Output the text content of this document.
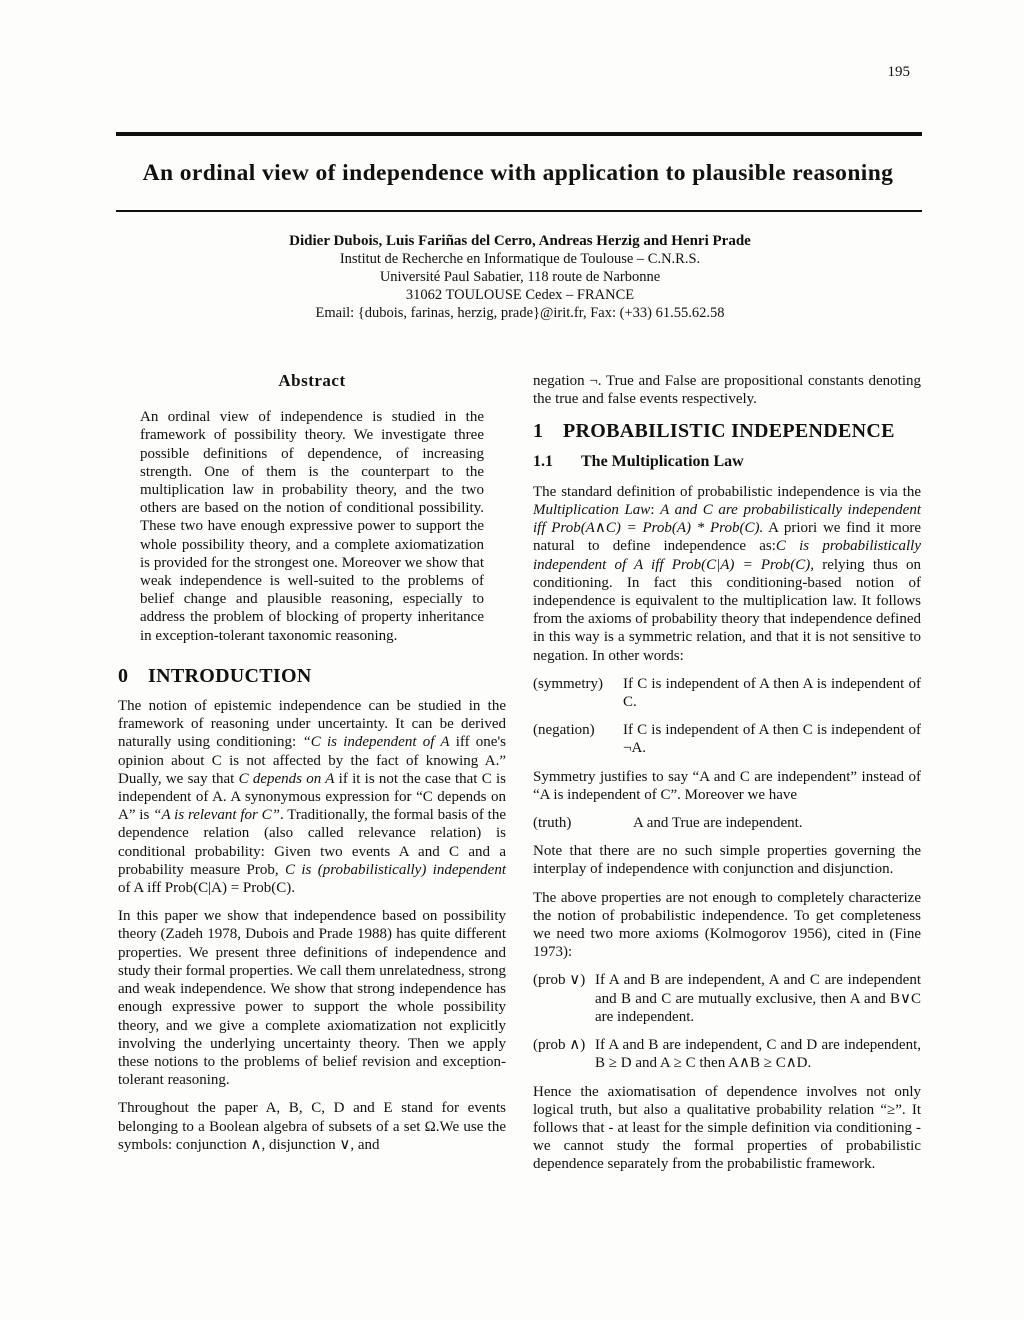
195
An ordinal view of independence with application to plausible reasoning
Didier Dubois, Luis Fariñas del Cerro, Andreas Herzig and Henri Prade
Institut de Recherche en Informatique de Toulouse – C.N.R.S.
Université Paul Sabatier, 118 route de Narbonne
31062 TOULOUSE Cedex – FRANCE
Email: {dubois, farinas, herzig, prade}@irit.fr, Fax: (+33) 61.55.62.58
Abstract

An ordinal view of independence is studied in the framework of possibility theory. We investigate three possible definitions of dependence, of increasing strength. One of them is the counterpart to the multiplication law in probability theory, and the two others are based on the notion of conditional possibility. These two have enough expressive power to support the whole possibility theory, and a complete axiomatization is provided for the strongest one. Moreover we show that weak independence is well-suited to the problems of belief change and plausible reasoning, especially to address the problem of blocking of property inheritance in exception-tolerant taxonomic reasoning.

0 INTRODUCTION

The notion of epistemic independence can be studied in the framework of reasoning under uncertainty. It can be derived naturally using conditioning: “C is independent of A iff one's opinion about C is not affected by the fact of knowing A.” Dually, we say that C depends on A if it is not the case that C is independent of A. A synonymous expression for “C depends on A” is “A is relevant for C”. Traditionally, the formal basis of the dependence relation (also called relevance relation) is conditional probability: Given two events A and C and a probability measure Prob, C is (probabilistically) independent of A iff Prob(C|A) = Prob(C).

In this paper we show that independence based on possibility theory (Zadeh 1978, Dubois and Prade 1988) has quite different properties. We present three definitions of independence and study their formal properties. We call them unrelatedness, strong and weak independence. We show that strong independence has enough expressive power to support the whole possibility theory, and we give a complete axiomatization not explicitly involving the underlying uncertainty theory. Then we apply these notions to the problems of belief revision and exception-tolerant reasoning.

Throughout the paper A, B, C, D and E stand for events belonging to a Boolean algebra of subsets of a set Ω.We use the symbols: conjunction ∧, disjunction ∨, and

negation ¬. True and False are propositional constants denoting the true and false events respectively.

1 PROBABILISTIC INDEPENDENCE
1.1 The Multiplication Law

The standard definition of probabilistic independence is via the Multiplication Law: A and C are probabilistically independent iff Prob(A∧C) = Prob(A) * Prob(C). A priori we find it more natural to define independence as:C is probabilistically independent of A iff Prob(C|A) = Prob(C), relying thus on conditioning. In fact this conditioning-based notion of independence is equivalent to the multiplication law. It follows from the axioms of probability theory that independence defined in this way is a symmetric relation, and that it is not sensitive to negation. In other words:

(symmetry)	If C is independent of A then A is independent of C.
(negation)	If C is independent of A then C is independent of ¬A.

Symmetry justifies to say “A and C are independent” instead of “A is independent of C”. Moreover we have

(truth)	A and True are independent.

Note that there are no such simple properties governing the interplay of independence with conjunction and disjunction.

The above properties are not enough to completely characterize the notion of probabilistic independence. To get completeness we need two more axioms (Kolmogorov 1956), cited in (Fine 1973):

(prob ∨) If A and B are independent, A and C are independent and B and C are mutually exclusive, then A and B∨C are independent.
(prob ∧) If A and B are independent, C and D are independent, B ≥ D and A ≥ C then A∧B ≥ C∧D.

Hence the axiomatisation of dependence involves not only logical truth, but also a qualitative probability relation “≥”. It follows that - at least for the simple definition via conditioning - we cannot study the formal properties of probabilistic dependence separately from the probabilistic framework.
